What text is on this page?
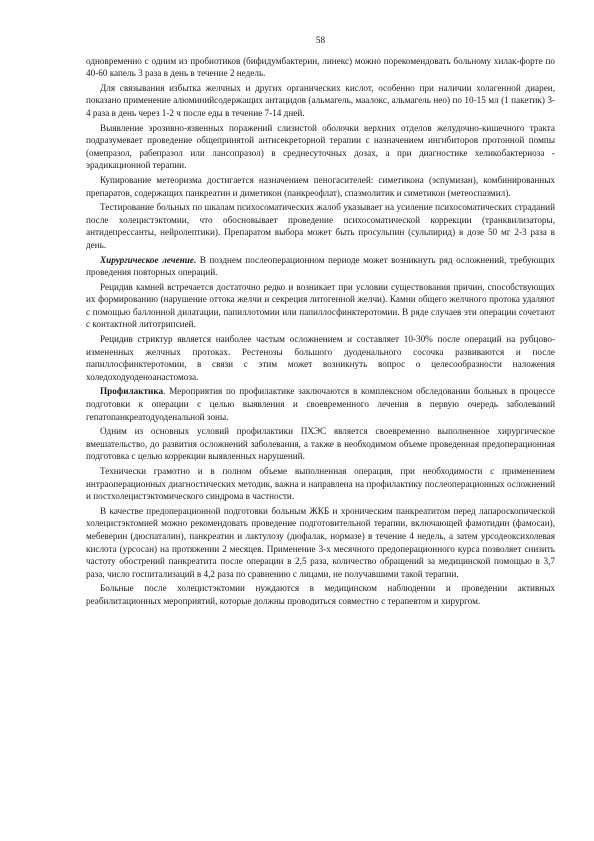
58

одновременно с одним из пробиотиков (бифидумбактерин, линекс) можно порекомендовать больному хилак-форте по 40-60 капель 3 раза в день в течение 2 недель.

Для связывания избытка желчных и других органических кислот, особенно при наличии холагенной диареи, показано применение алюминийсодержащих антацидов (альмагель, маалокс, альмагель нео) по 10-15 мл (1 пакетик) 3-4 раза в день через 1-2 ч после еды в течение 7-14 дней.

Выявление эрозивно-язвенных поражений слизистой оболочки верхних отделов желудочно-кишечного тракта подразумевает проведение общепринятой антисекреторной терапии с назначением ингибиторов протонной помпы (омепразол, рабепразол или лансопразол) в среднесуточных дозах, а при диагностике хеликобактериоза - эрадикационной терапии.

Купирование метеоризма достигается назначением пеногасителей: симетикона (эспумизан), комбинированных препаратов, содержащих панкреатин и диметикон (панкреофлат), спазмолитик и симетикон (метеоспазмил).

Тестирование больных по шкалам психосоматических жалоб указывает на усиление психосоматических страданий после холецистэктомии, что обосновывает проведение психосоматической коррекции (транквилизаторы, антидепрессанты, нейролептики). Препаратом выбора может быть просульпин (сульпирид) в дозе 50 мг 2-3 раза в день.

Хирургическое лечение. В позднем послеоперационном периоде может возникнуть ряд осложнений, требующих проведения повторных операций.

Рецидив камней встречается достаточно редко и возникает при условии существования причин, способствующих их формированию (нарушение оттока желчи и секреция литогенной желчи). Камни общего желчного протока удаляют с помощью баллонной дилатации, папиллотомии или папиллосфинктеротомии. В ряде случаев эти операции сочетают с контактной литотрипсией.

Рецидив стриктур является наиболее частым осложнением и составляет 10-30% после операций на рубцово-измененных желчных протоках. Рестенозы большого дуоденального сосочка развиваются и после папиллосфинктеротомии, в связи с этим может возникнуть вопрос о целесообразности наложения холедоходуоденоанастомоза.

Профилактика. Мероприятия по профилактике заключаются в комплексном обследовании больных в процессе подготовки к операции с целью выявления и своевременного лечения в первую очередь заболеваний гепатопанкреатодуоденальной зоны.

Одним из основных условий профилактики ПХЭС является своевременно выполненное хирургическое вмешательство, до развития осложнений заболевания, а также в необходимом объеме проведенная предоперационная подготовка с целью коррекции выявленных нарушений.

Технически грамотно и в полном объеме выполненная операция, при необходимости с применением интраоперационных диагностических методик, важна и направлена на профилактику послеоперационных осложнений и постхолецистэктомического синдрома в частности.

В качестве предоперационной подготовки больным ЖКБ и хроническим панкреатитом перед лапароскопической холецистэктомией можно рекомендовать проведение подготовительной терапии, включающей фамотидин (фамосан), мебеверин (дюспаталин), панкреатин и лактулозу (дюфалак, нормазе) в течение 4 недель, а затем урсодеоксихолевая кислота (урсосан) на протяжении 2 месяцев. Применение 3-х месячного предоперационного курса позволяет снизить частоту обострений панкреатита после операции в 2,5 раза, количество обращений за медицинской помощью в 3,7 раза, число госпитализаций в 4,2 раза по сравнению с лицами, не получавшими такой терапии.

Больные после холецистэктомии нуждаются в медицинском наблюдении и проведении активных реабилитационных мероприятий, которые должны проводиться совместно с терапевтом и хирургом.
